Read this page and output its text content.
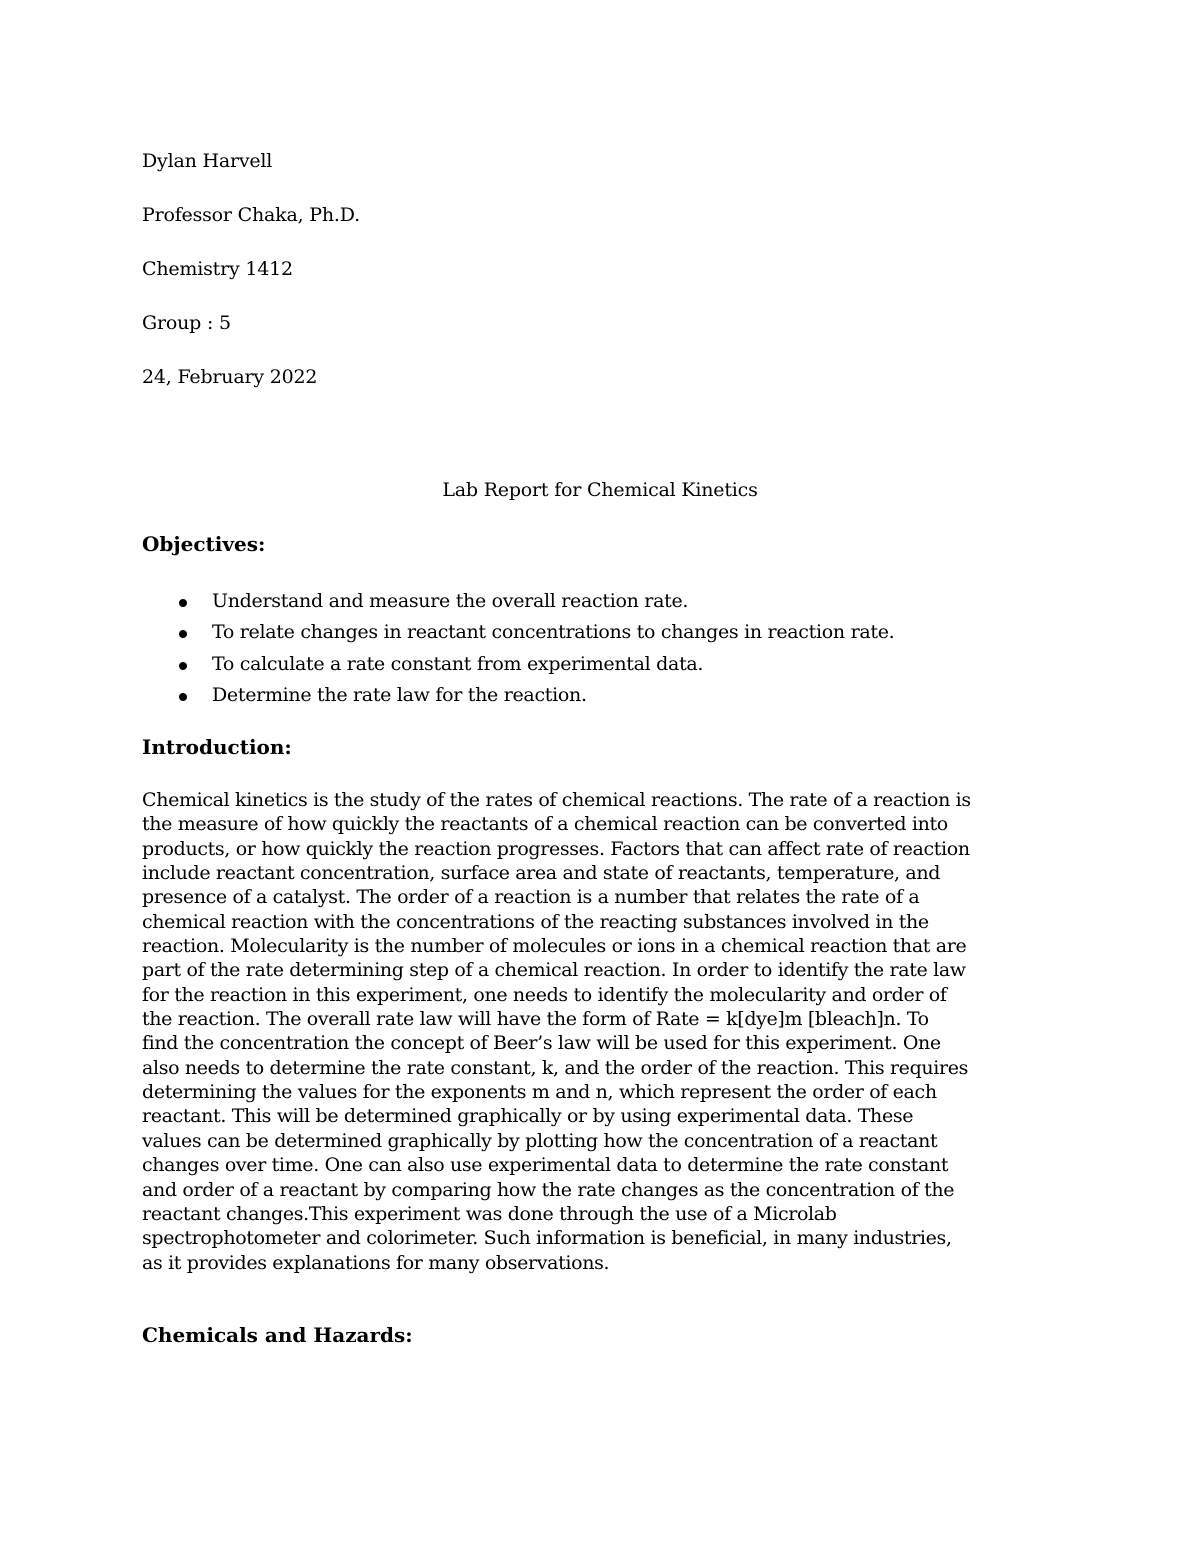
Dylan Harvell
Professor Chaka, Ph.D.
Chemistry 1412
Group : 5
24, February 2022
Lab Report for Chemical Kinetics
Objectives:
Understand and measure the overall reaction rate.
To relate changes in reactant concentrations to changes in reaction rate.
To calculate a rate constant from experimental data.
Determine the rate law for the reaction.
Introduction:
Chemical kinetics is the study of the rates of chemical reactions. The rate of a reaction is
the measure of how quickly the reactants of a chemical reaction can be converted into
products, or how quickly the reaction progresses. Factors that can affect rate of reaction
include reactant concentration, surface area and state of reactants, temperature, and
presence of a catalyst. The order of a reaction is a number that relates the rate of a
chemical reaction with the concentrations of the reacting substances involved in the
reaction. Molecularity is the number of molecules or ions in a chemical reaction that are
part of the rate determining step of a chemical reaction. In order to identify the rate law
for the reaction in this experiment, one needs to identify the molecularity and order of
the reaction. The overall rate law will have the form of Rate = k[dye]m [bleach]n. To
find the concentration the concept of Beer’s law will be used for this experiment. One
also needs to determine the rate constant, k, and the order of the reaction. This requires
determining the values for the exponents m and n, which represent the order of each
reactant. This will be determined graphically or by using experimental data. These
values can be determined graphically by plotting how the concentration of a reactant
changes over time. One can also use experimental data to determine the rate constant
and order of a reactant by comparing how the rate changes as the concentration of the
reactant changes.This experiment was done through the use of a Microlab
spectrophotometer and colorimeter. Such information is beneficial, in many industries,
as it provides explanations for many observations.
Chemicals and Hazards:
